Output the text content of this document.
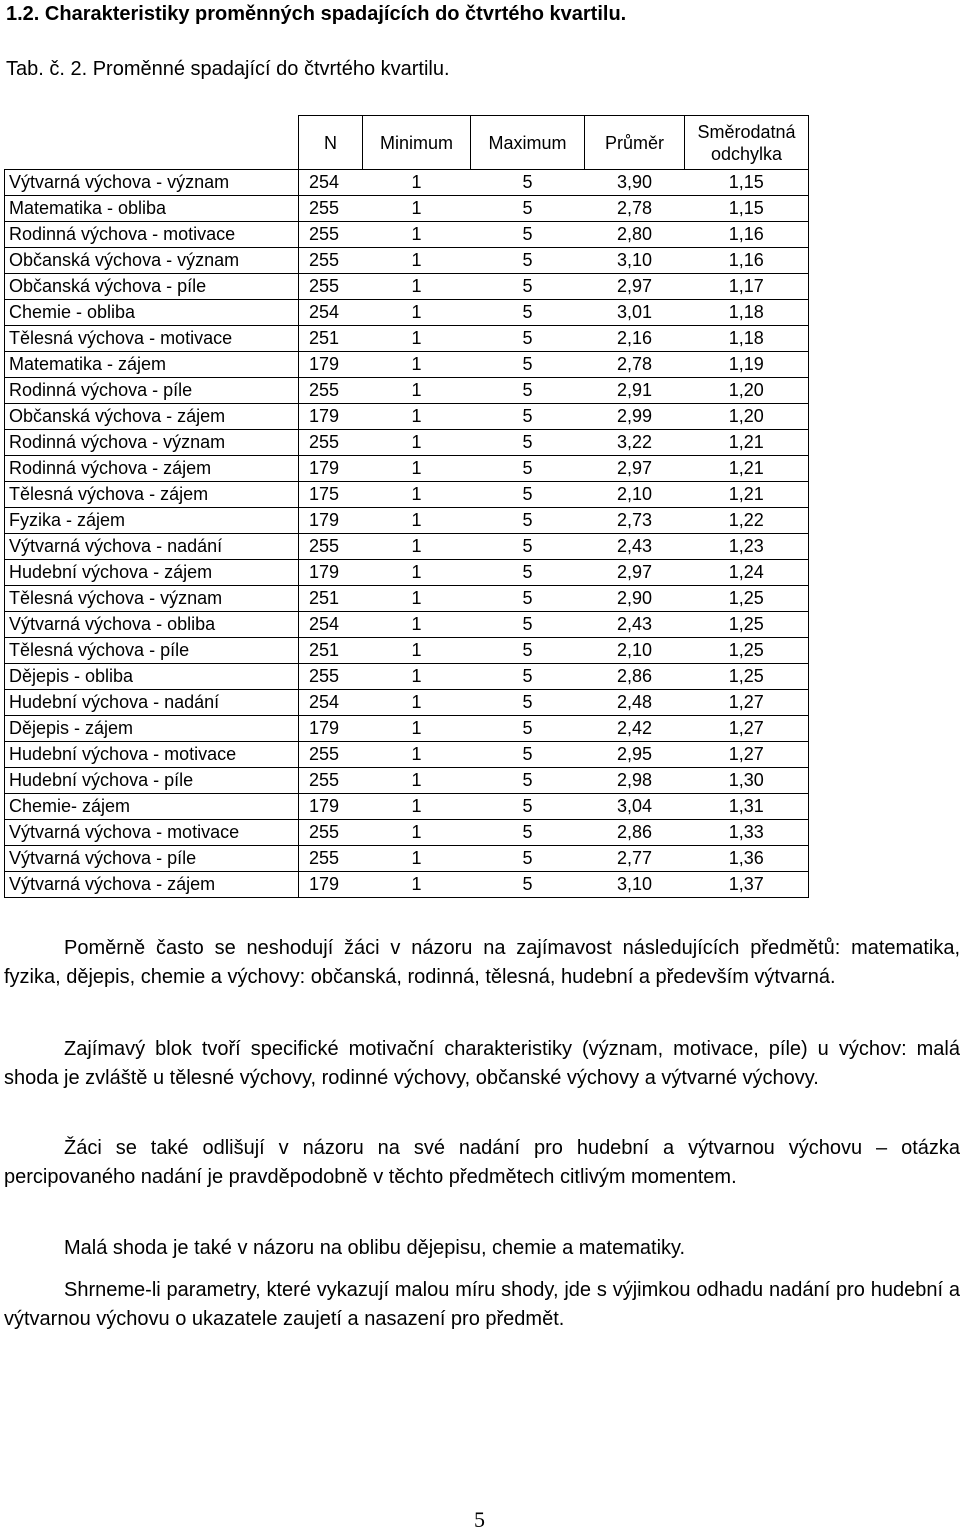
1.2. Charakteristiky proměnných spadajících do čtvrtého kvartilu.
Tab. č. 2. Proměnné spadající do čtvrtého kvartilu.
	N	Minimum	Maximum	Průměr	Směrodatná odchylka
Výtvarná výchova - význam	254	1	5	3,90	1,15
Matematika - obliba	255	1	5	2,78	1,15
Rodinná výchova - motivace	255	1	5	2,80	1,16
Občanská výchova - význam	255	1	5	3,10	1,16
Občanská výchova - píle	255	1	5	2,97	1,17
Chemie - obliba	254	1	5	3,01	1,18
Tělesná výchova - motivace	251	1	5	2,16	1,18
Matematika - zájem	179	1	5	2,78	1,19
Rodinná výchova - píle	255	1	5	2,91	1,20
Občanská výchova - zájem	179	1	5	2,99	1,20
Rodinná výchova - význam	255	1	5	3,22	1,21
Rodinná výchova - zájem	179	1	5	2,97	1,21
Tělesná výchova - zájem	175	1	5	2,10	1,21
Fyzika - zájem	179	1	5	2,73	1,22
Výtvarná výchova - nadání	255	1	5	2,43	1,23
Hudební výchova - zájem	179	1	5	2,97	1,24
Tělesná výchova - význam	251	1	5	2,90	1,25
Výtvarná výchova - obliba	254	1	5	2,43	1,25
Tělesná výchova - píle	251	1	5	2,10	1,25
Dějepis - obliba	255	1	5	2,86	1,25
Hudební výchova - nadání	254	1	5	2,48	1,27
Dějepis - zájem	179	1	5	2,42	1,27
Hudební výchova - motivace	255	1	5	2,95	1,27
Hudební výchova - píle	255	1	5	2,98	1,30
Chemie- zájem	179	1	5	3,04	1,31
Výtvarná výchova - motivace	255	1	5	2,86	1,33
Výtvarná výchova - píle	255	1	5	2,77	1,36
Výtvarná výchova - zájem	179	1	5	3,10	1,37
Poměrně často se neshodují žáci v názoru na zajímavost následujících předmětů: matematika, fyzika, dějepis, chemie a výchovy: občanská, rodinná, tělesná, hudební a především výtvarná.
Zajímavý blok tvoří specifické motivační charakteristiky (význam, motivace, píle) u výchov: malá shoda je zvláště u tělesné výchovy, rodinné výchovy, občanské výchovy a výtvarné výchovy.
Žáci se také odlišují v názoru na své nadání pro hudební a výtvarnou výchovu – otázka percipovaného nadání je pravděpodobně v těchto předmětech citlivým momentem.
Malá shoda je také v názoru na oblibu dějepisu, chemie a matematiky.
Shrneme-li parametry, které vykazují malou míru shody, jde s výjimkou odhadu nadání pro hudební a výtvarnou výchovu o ukazatele zaujetí a nasazení pro předmět.
5
